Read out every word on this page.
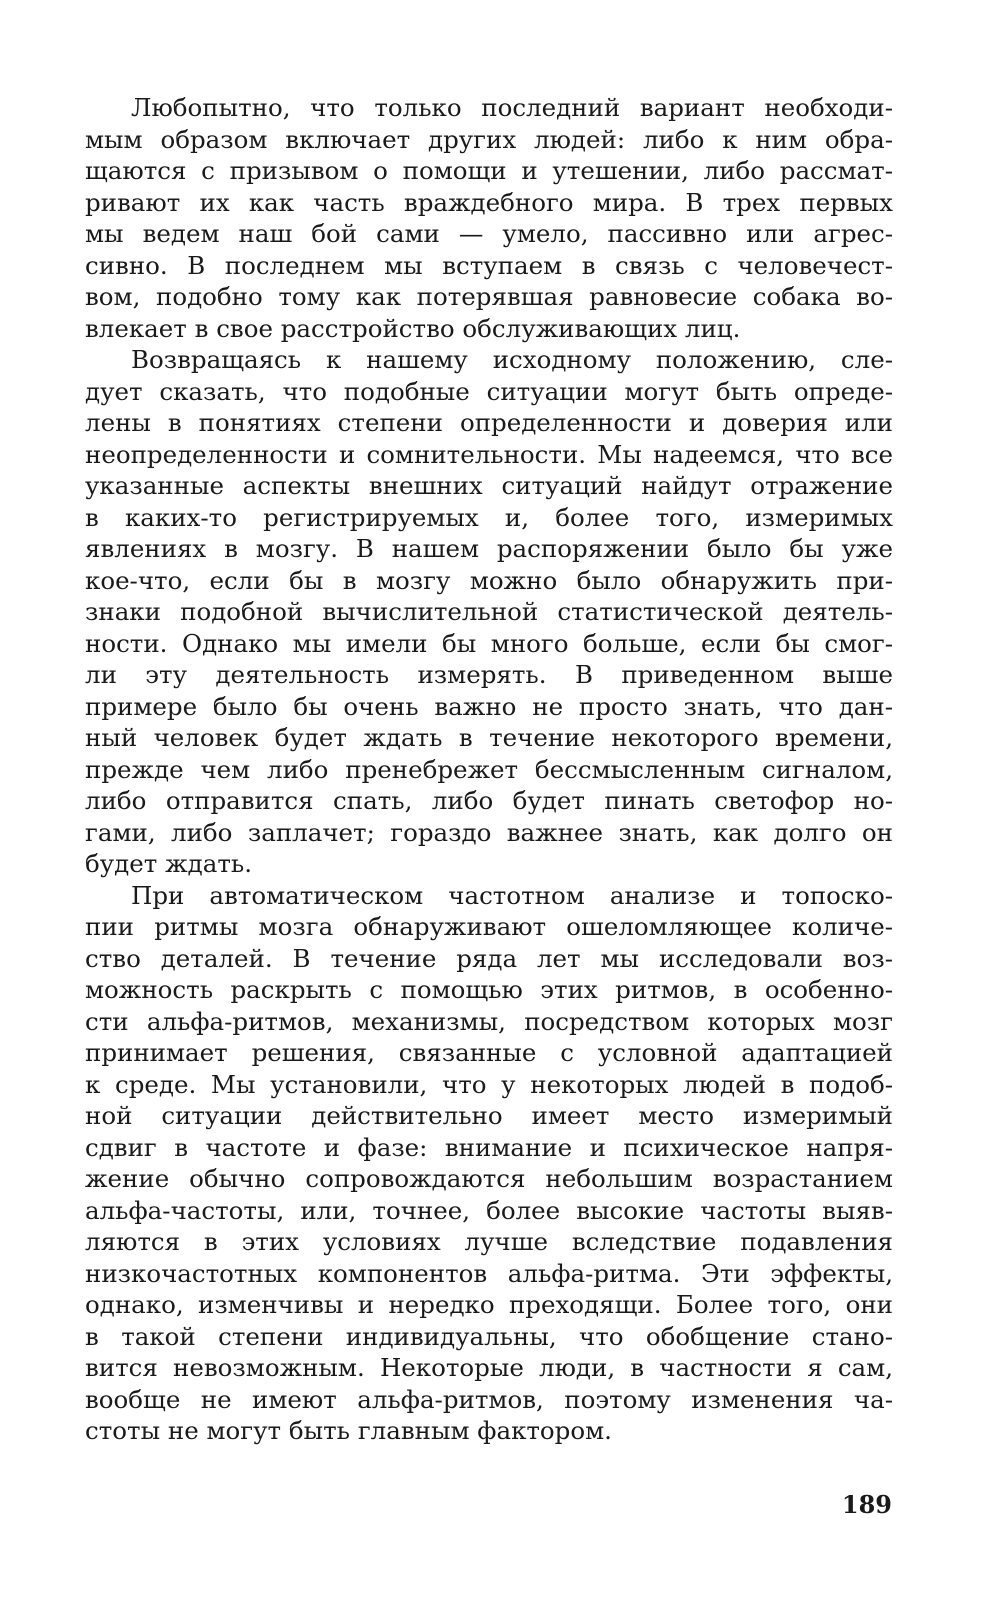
Любопытно, что только последний вариант необходи-
мым образом включает других людей: либо к ним обра-
щаются с призывом о помощи и утешении, либо рассмат-
ривают их как часть враждебного мира. В трех первых
мы ведем наш бой сами — умело, пассивно или агрес-
сивно. В последнем мы вступаем в связь с человечест-
вом, подобно тому как потерявшая равновесие собака во-
влекает в свое расстройство обслуживающих лиц.
Возвращаясь к нашему исходному положению, сле-
дует сказать, что подобные ситуации могут быть опреде-
лены в понятиях степени определенности и доверия или
неопределенности и сомнительности. Мы надеемся, что все
указанные аспекты внешних ситуаций найдут отражение
в каких-то регистрируемых и, более того, измеримых
явлениях в мозгу. В нашем распоряжении было бы уже
кое-что, если бы в мозгу можно было обнаружить при-
знаки подобной вычислительной статистической деятель-
ности. Однако мы имели бы много больше, если бы смог-
ли эту деятельность измерять. В приведенном выше
примере было бы очень важно не просто знать, что дан-
ный человек будет ждать в течение некоторого времени,
прежде чем либо пренебрежет бессмысленным сигналом,
либо отправится спать, либо будет пинать светофор но-
гами, либо заплачет; гораздо важнее знать, как долго он
будет ждать.
При автоматическом частотном анализе и топоско-
пии ритмы мозга обнаруживают ошеломляющее количе-
ство деталей. В течение ряда лет мы исследовали воз-
можность раскрыть с помощью этих ритмов, в особенно-
сти альфа-ритмов, механизмы, посредством которых мозг
принимает решения, связанные с условной адаптацией
к среде. Мы установили, что у некоторых людей в подоб-
ной ситуации действительно имеет место измеримый
сдвиг в частоте и фазе: внимание и психическое напря-
жение обычно сопровождаются небольшим возрастанием
альфа-частоты, или, точнее, более высокие частоты выяв-
ляются в этих условиях лучше вследствие подавления
низкочастотных компонентов альфа-ритма. Эти эффекты,
однако, изменчивы и нередко преходящи. Более того, они
в такой степени индивидуальны, что обобщение стано-
вится невозможным. Некоторые люди, в частности я сам,
вообще не имеют альфа-ритмов, поэтому изменения ча-
стоты не могут быть главным фактором.
189
